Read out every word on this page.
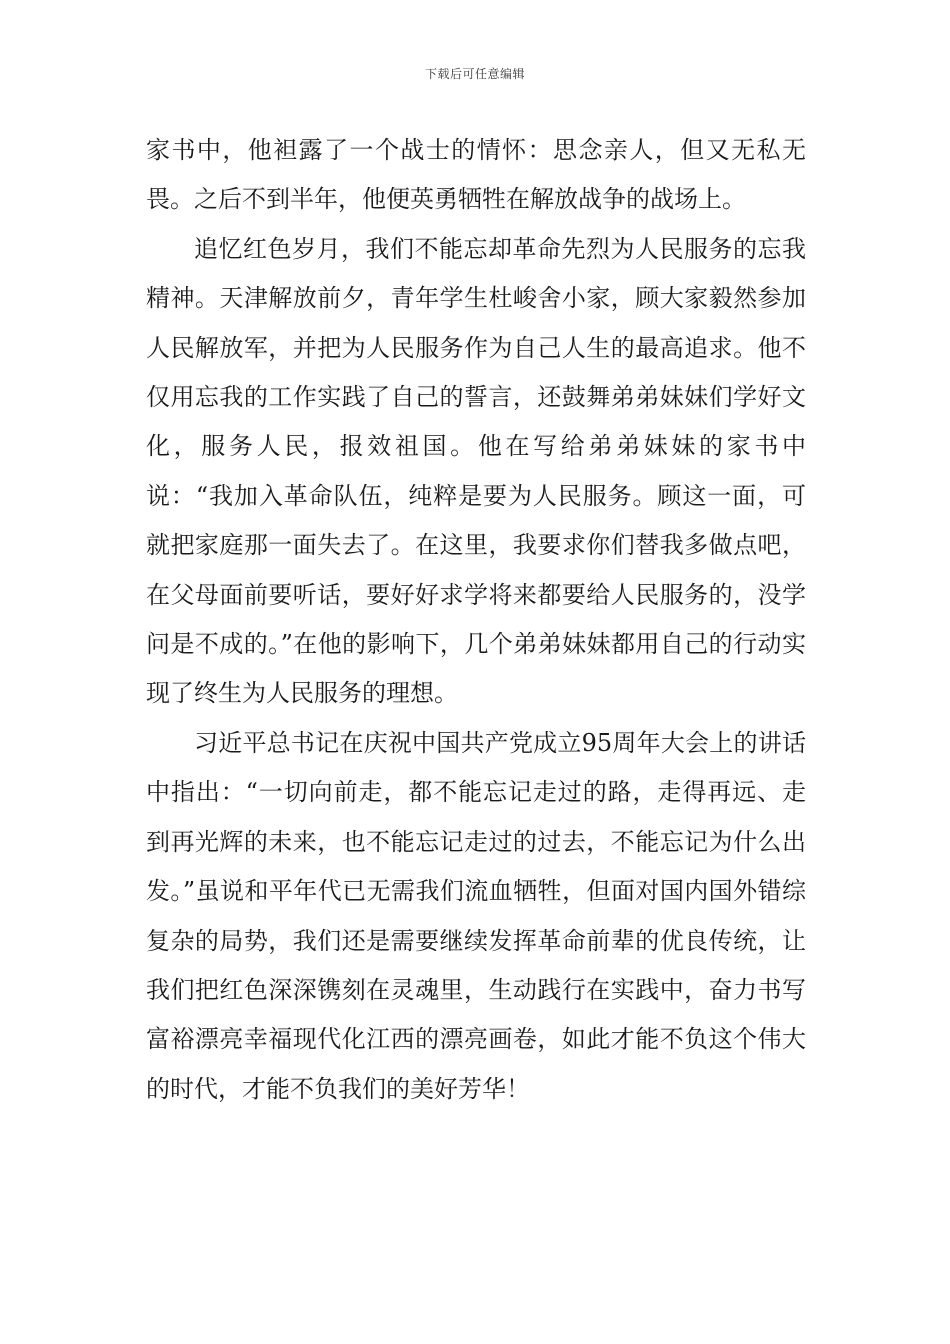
下载后可任意编辑

家书中，他袒露了一个战士的情怀：思念亲人，但又无私无畏。之后不到半年，他便英勇牺牲在解放战争的战场上。

追忆红色岁月，我们不能忘却革命先烈为人民服务的忘我精神。天津解放前夕，青年学生杜峻舍小家，顾大家毅然参加人民解放军，并把为人民服务作为自己人生的最高追求。他不仅用忘我的工作实践了自己的誓言，还鼓舞弟弟妹妹们学好文化，服务人民，报效祖国。他在写给弟弟妹妹的家书中说：“我加入革命队伍，纯粹是要为人民服务。顾这一面，可就把家庭那一面失去了。在这里，我要求你们替我多做点吧，在父母面前要听话，要好好求学将来都要给人民服务的，没学问是不成的。”在他的影响下，几个弟弟妹妹都用自己的行动实现了终生为人民服务的理想。

习近平总书记在庆祝中国共产党成立95周年大会上的讲话中指出：“一切向前走，都不能忘记走过的路，走得再远、走到再光辉的未来，也不能忘记走过的过去，不能忘记为什么出发。”虽说和平年代已无需我们流血牺牲，但面对国内国外错综复杂的局势，我们还是需要继续发挥革命前辈的优良传统，让我们把红色深深镌刻在灵魂里，生动践行在实践中，奋力书写富裕漂亮幸福现代化江西的漂亮画卷，如此才能不负这个伟大的时代，才能不负我们的美好芳华！
